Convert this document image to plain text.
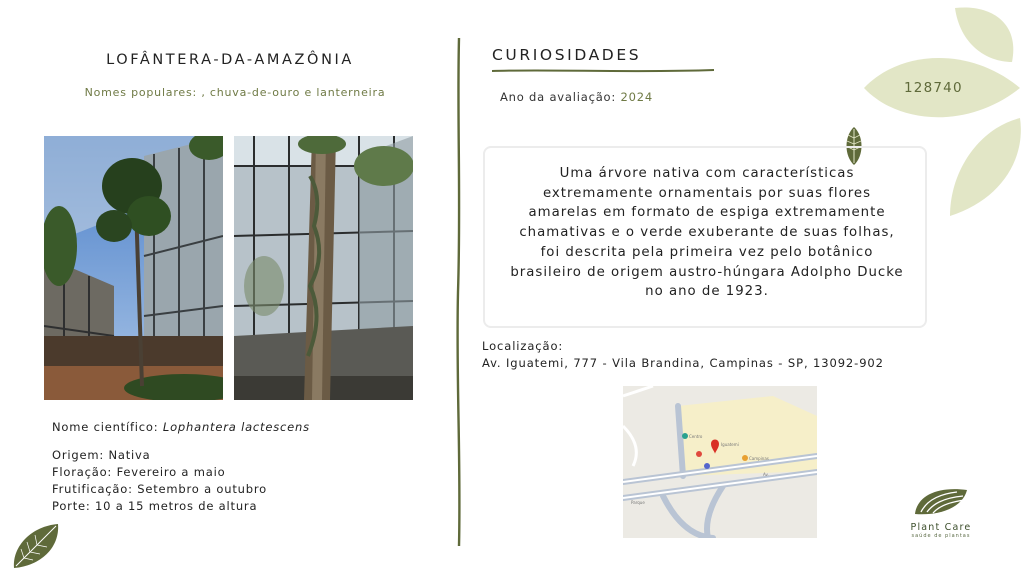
128740
LOFÂNTERA-DA-AMAZÔNIA
Nomes populares: , chuva-de-ouro e lanterneira
Nome científico: Lophantera lactescens
Origem: Nativa
Floração: Fevereiro a maio
Frutificação: Setembro a outubro
Porte: 10 a 15 metros de altura
CURIOSIDADES
Ano da avaliação: 2024
Uma árvore nativa com características extremamente ornamentais por suas flores amarelas em formato de espiga extremamente chamativas e o verde exuberante de suas folhas, foi descrita pela primeira vez pelo botânico brasileiro de origem austro-húngara Adolpho Ducke no ano de 1923.
Localização:
Av. Iguatemi, 777 - Vila Brandina, Campinas - SP, 13092-902
Centro
Iguatemi
Campinas
Parque
Av.
Plant Care
saúde de plantas
